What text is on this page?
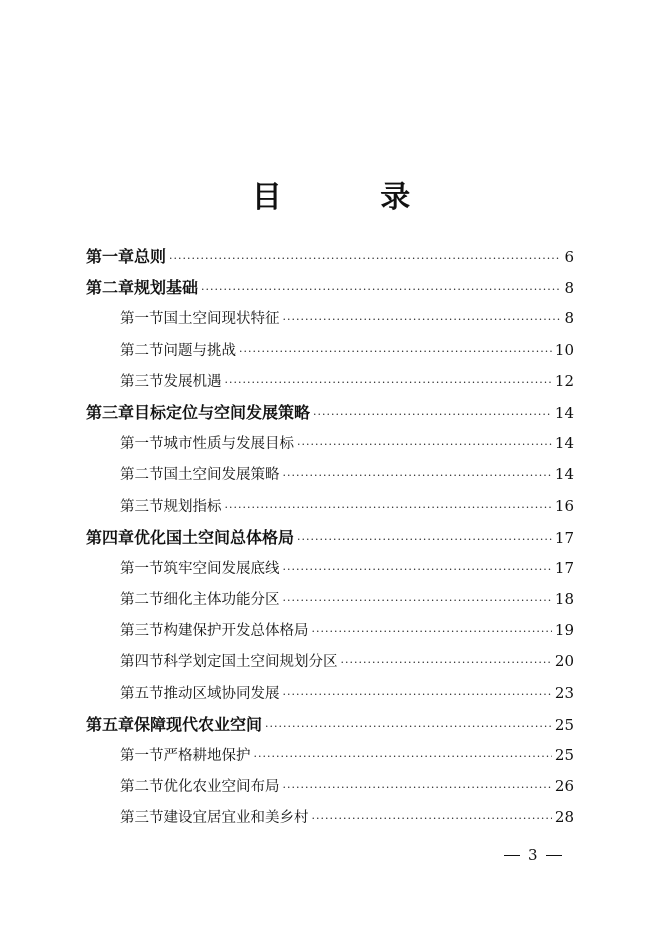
目 录
第一章 总则 ·····	6
第二章 规划基础 ·····	8
第一节 国土空间现状特征 ·····	8
第二节 问题与挑战 ·····	10
第三节 发展机遇 ·····	12
第三章 目标定位与空间发展策略 ·····	14
第一节 城市性质与发展目标 ·····	14
第二节 国土空间发展策略 ·····	14
第三节 规划指标 ·····	16
第四章 优化国土空间总体格局 ·····	17
第一节 筑牢空间发展底线 ·····	17
第二节 细化主体功能分区 ·····	18
第三节 构建保护开发总体格局 ·····	19
第四节 科学划定国土空间规划分区 ·····	20
第五节 推动区域协同发展 ·····	23
第五章 保障现代农业空间 ·····	25
第一节 严格耕地保护 ·····	25
第二节 优化农业空间布局 ·····	26
第三节 建设宜居宜业和美乡村 ·····	28
3
